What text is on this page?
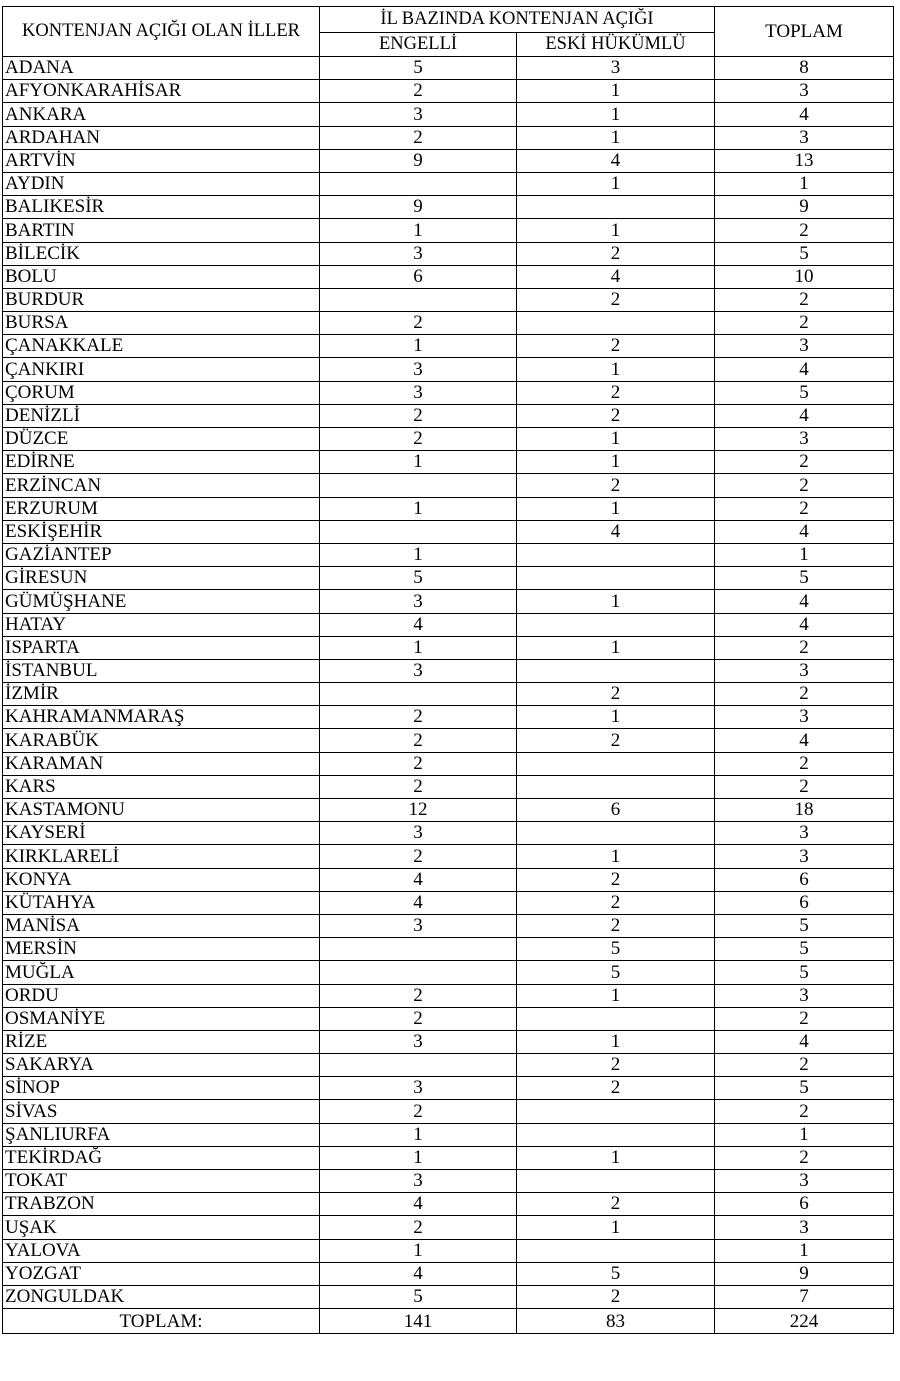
KONTENJAN AÇIĞI OLAN İLLER	İL BAZINDA KONTENJAN AÇIĞI		TOPLAM
	ENGELLİ	ESKİ HÜKÜMLÜ	
ADANA	5	3	8
AFYONKARAHİSAR	2	1	3
ANKARA	3	1	4
ARDAHAN	2	1	3
ARTVİN	9	4	13
AYDIN		1	1
BALIKESİR	9		9
BARTIN	1	1	2
BİLECİK	3	2	5
BOLU	6	4	10
BURDUR		2	2
BURSA	2		2
ÇANAKKALE	1	2	3
ÇANKIRI	3	1	4
ÇORUM	3	2	5
DENİZLİ	2	2	4
DÜZCE	2	1	3
EDİRNE	1	1	2
ERZİNCAN		2	2
ERZURUM	1	1	2
ESKİŞEHİR		4	4
GAZİANTEP	1		1
GİRESUN	5		5
GÜMÜŞHANE	3	1	4
HATAY	4		4
ISPARTA	1	1	2
İSTANBUL	3		3
İZMİR		2	2
KAHRAMANMARAŞ	2	1	3
KARABÜK	2	2	4
KARAMAN	2		2
KARS	2		2
KASTAMONU	12	6	18
KAYSERİ	3		3
KIRKLARELİ	2	1	3
KONYA	4	2	6
KÜTAHYA	4	2	6
MANİSA	3	2	5
MERSİN		5	5
MUĞLA		5	5
ORDU	2	1	3
OSMANİYE	2		2
RİZE	3	1	4
SAKARYA		2	2
SİNOP	3	2	5
SİVAS	2		2
ŞANLIURFA	1		1
TEKİRDAĞ	1	1	2
TOKAT	3		3
TRABZON	4	2	6
UŞAK	2	1	3
YALOVA	1		1
YOZGAT	4	5	9
ZONGULDAK	5	2	7
TOPLAM:	141	83	224
